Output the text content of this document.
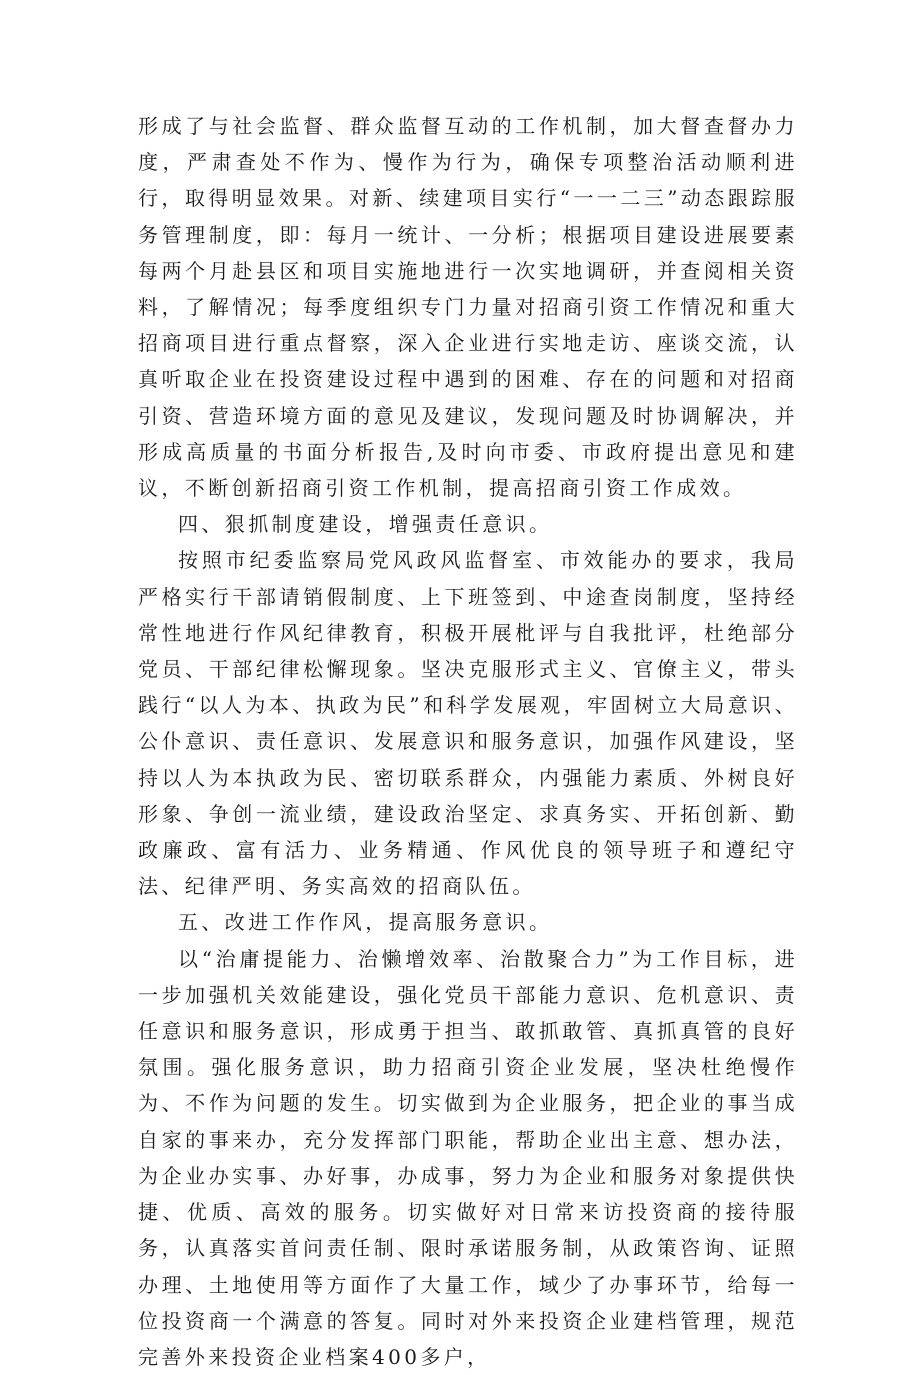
形成了与社会监督、群众监督互动的工作机制，加大督查督办力度，严肃查处不作为、慢作为行为，确保专项整治活动顺利进行，取得明显效果。对新、续建项目实行“一一二三”动态跟踪服务管理制度，即：每月一统计、一分析；根据项目建设进展要素每两个月赴县区和项目实施地进行一次实地调研，并查阅相关资料，了解情况；每季度组织专门力量对招商引资工作情况和重大招商项目进行重点督察，深入企业进行实地走访、座谈交流，认真听取企业在投资建设过程中遇到的困难、存在的问题和对招商引资、营造环境方面的意见及建议，发现问题及时协调解决，并形成高质量的书面分析报告,及时向市委、市政府提出意见和建议，不断创新招商引资工作机制，提高招商引资工作成效。

四、狠抓制度建设，增强责任意识。

按照市纪委监察局党风政风监督室、市效能办的要求，我局严格实行干部请销假制度、上下班签到、中途查岗制度，坚持经常性地进行作风纪律教育，积极开展枇评与自我批评，杜绝部分党员、干部纪律松懈现象。坚决克服形式主义、官僚主义，带头践行“以人为本、执政为民”和科学发展观，牢固树立大局意识、公仆意识、责任意识、发展意识和服务意识，加强作风建设，坚持以人为本执政为民、密切联系群众，内强能力素质、外树良好形象、争创一流业绩，建设政治坚定、求真务实、开拓创新、勤政廉政、富有活力、业务精通、作风优良的领导班子和遵纪守法、纪律严明、务实高效的招商队伍。

五、改进工作作风，提高服务意识。

以“治庸提能力、治懒增效率、治散聚合力”为工作目标，进一步加强机关效能建设，强化党员干部能力意识、危机意识、责任意识和服务意识，形成勇于担当、敢抓敢管、真抓真管的良好氛围。强化服务意识，助力招商引资企业发展，坚决杜绝慢作为、不作为问题的发生。切实做到为企业服务，把企业的事当成自家的事来办，充分发挥部门职能，帮助企业出主意、想办法，为企业办实事、办好事，办成事，努力为企业和服务对象提供快捷、优质、高效的服务。切实做好对日常来访投资商的接待服务，认真落实首问责任制、限时承诺服务制，从政策咨询、证照办理、土地使用等方面作了大量工作，域少了办事环节，给每一位投资商一个满意的答复。同时对外来投资企业建档管理，规范完善外来投资企业档案400多户，
